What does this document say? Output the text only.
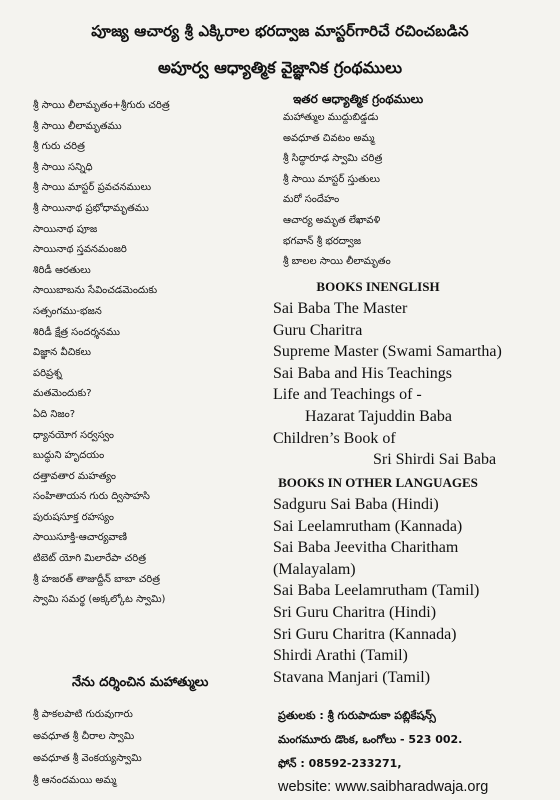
పూజ్య ఆచార్య శ్రీ ఎక్కిరాల భరద్వాజ మాస్టర్‌గారిచే రచించబడిన
అపూర్వ ఆధ్యాత్మిక వైజ్ఞానిక గ్రంథములు
శ్రీ సాయి లీలామృతం+శ్రీగురు చరిత్ర
శ్రీ సాయి లీలామృతము
శ్రీ గురు చరిత్ర
శ్రీ సాయి సన్నిధి
శ్రీ సాయి మాస్టర్ ప్రవచనములు
శ్రీ సాయినాథ ప్రభోధామృతము
సాయినాథ పూజ
సాయినాథ స్తవనమంజరి
శిరిడీ ఆరతులు
సాయిబాబను సేవించడమెందుకు
సత్సంగము-భజన
శిరిడీ క్షేత్ర సందర్శనము
విజ్ఞాన వీచికలు
పరిప్రశ్న
మతమెందుకు?
ఏది నిజం?
ధ్యానయోగ సర్వస్వం
బుద్ధుని హృదయం
దత్తావతార మహత్యం
సంహితాయన గురు ద్విసాహసి
పురుషసూక్త రహస్యం
సాయిసూక్తి-ఆచార్యవాణి
టిబెట్ యోగి మిలారేపా చరిత్ర
శ్రీ హజరత్ తాజుద్దీన్ బాబా చరిత్ర
స్వామి సమర్థ (అక్కల్కోట స్వామి)
ఇతర ఆధ్యాత్మిక గ్రంథములు
మహాత్ముల ముద్దుబిడ్డడు
అవధూత చివటం అమ్మ
శ్రీ సిద్ధారూఢ స్వామి చరిత్ర
శ్రీ సాయి మాస్టర్ స్తుతులు
మరో సందేహం
ఆచార్య అమృత లేఖావళి
భగవాన్ శ్రీ భరద్వాజ
శ్రీ బాలల సాయి లీలామృతం
BOOKS INENGLISH
Sai Baba The Master
Guru Charitra
Supreme Master (Swami Samartha)
Sai Baba and His Teachings
Life and Teachings of -
Hazarat Tajuddin Baba
Children’s Book of
Sri Shirdi Sai Baba
BOOKS IN OTHER LANGUAGES
Sadguru Sai Baba (Hindi)
Sai Leelamrutham (Kannada)
Sai Baba Jeevitha Charitham
(Malayalam)
Sai Baba Leelamrutham (Tamil)
Sri Guru Charitra (Hindi)
Sri Guru Charitra (Kannada)
Shirdi Arathi (Tamil)
Stavana Manjari (Tamil)
నేను దర్శించిన మహాత్ములు
శ్రీ పాకలపాటి గురువుగారు
అవధూత శ్రీ చీరాల స్వామి
అవధూత శ్రీ వెంకయ్యస్వామి
శ్రీ ఆనందమయి అమ్మ
ప్రతులకు : శ్రీ గురుపాదుకా పబ్లికేషన్స్
మంగమూరు డొంక, ఒంగోలు - 523 002.
ఫోన్ : 08592-233271,
website: www.saibharadwaja.org
